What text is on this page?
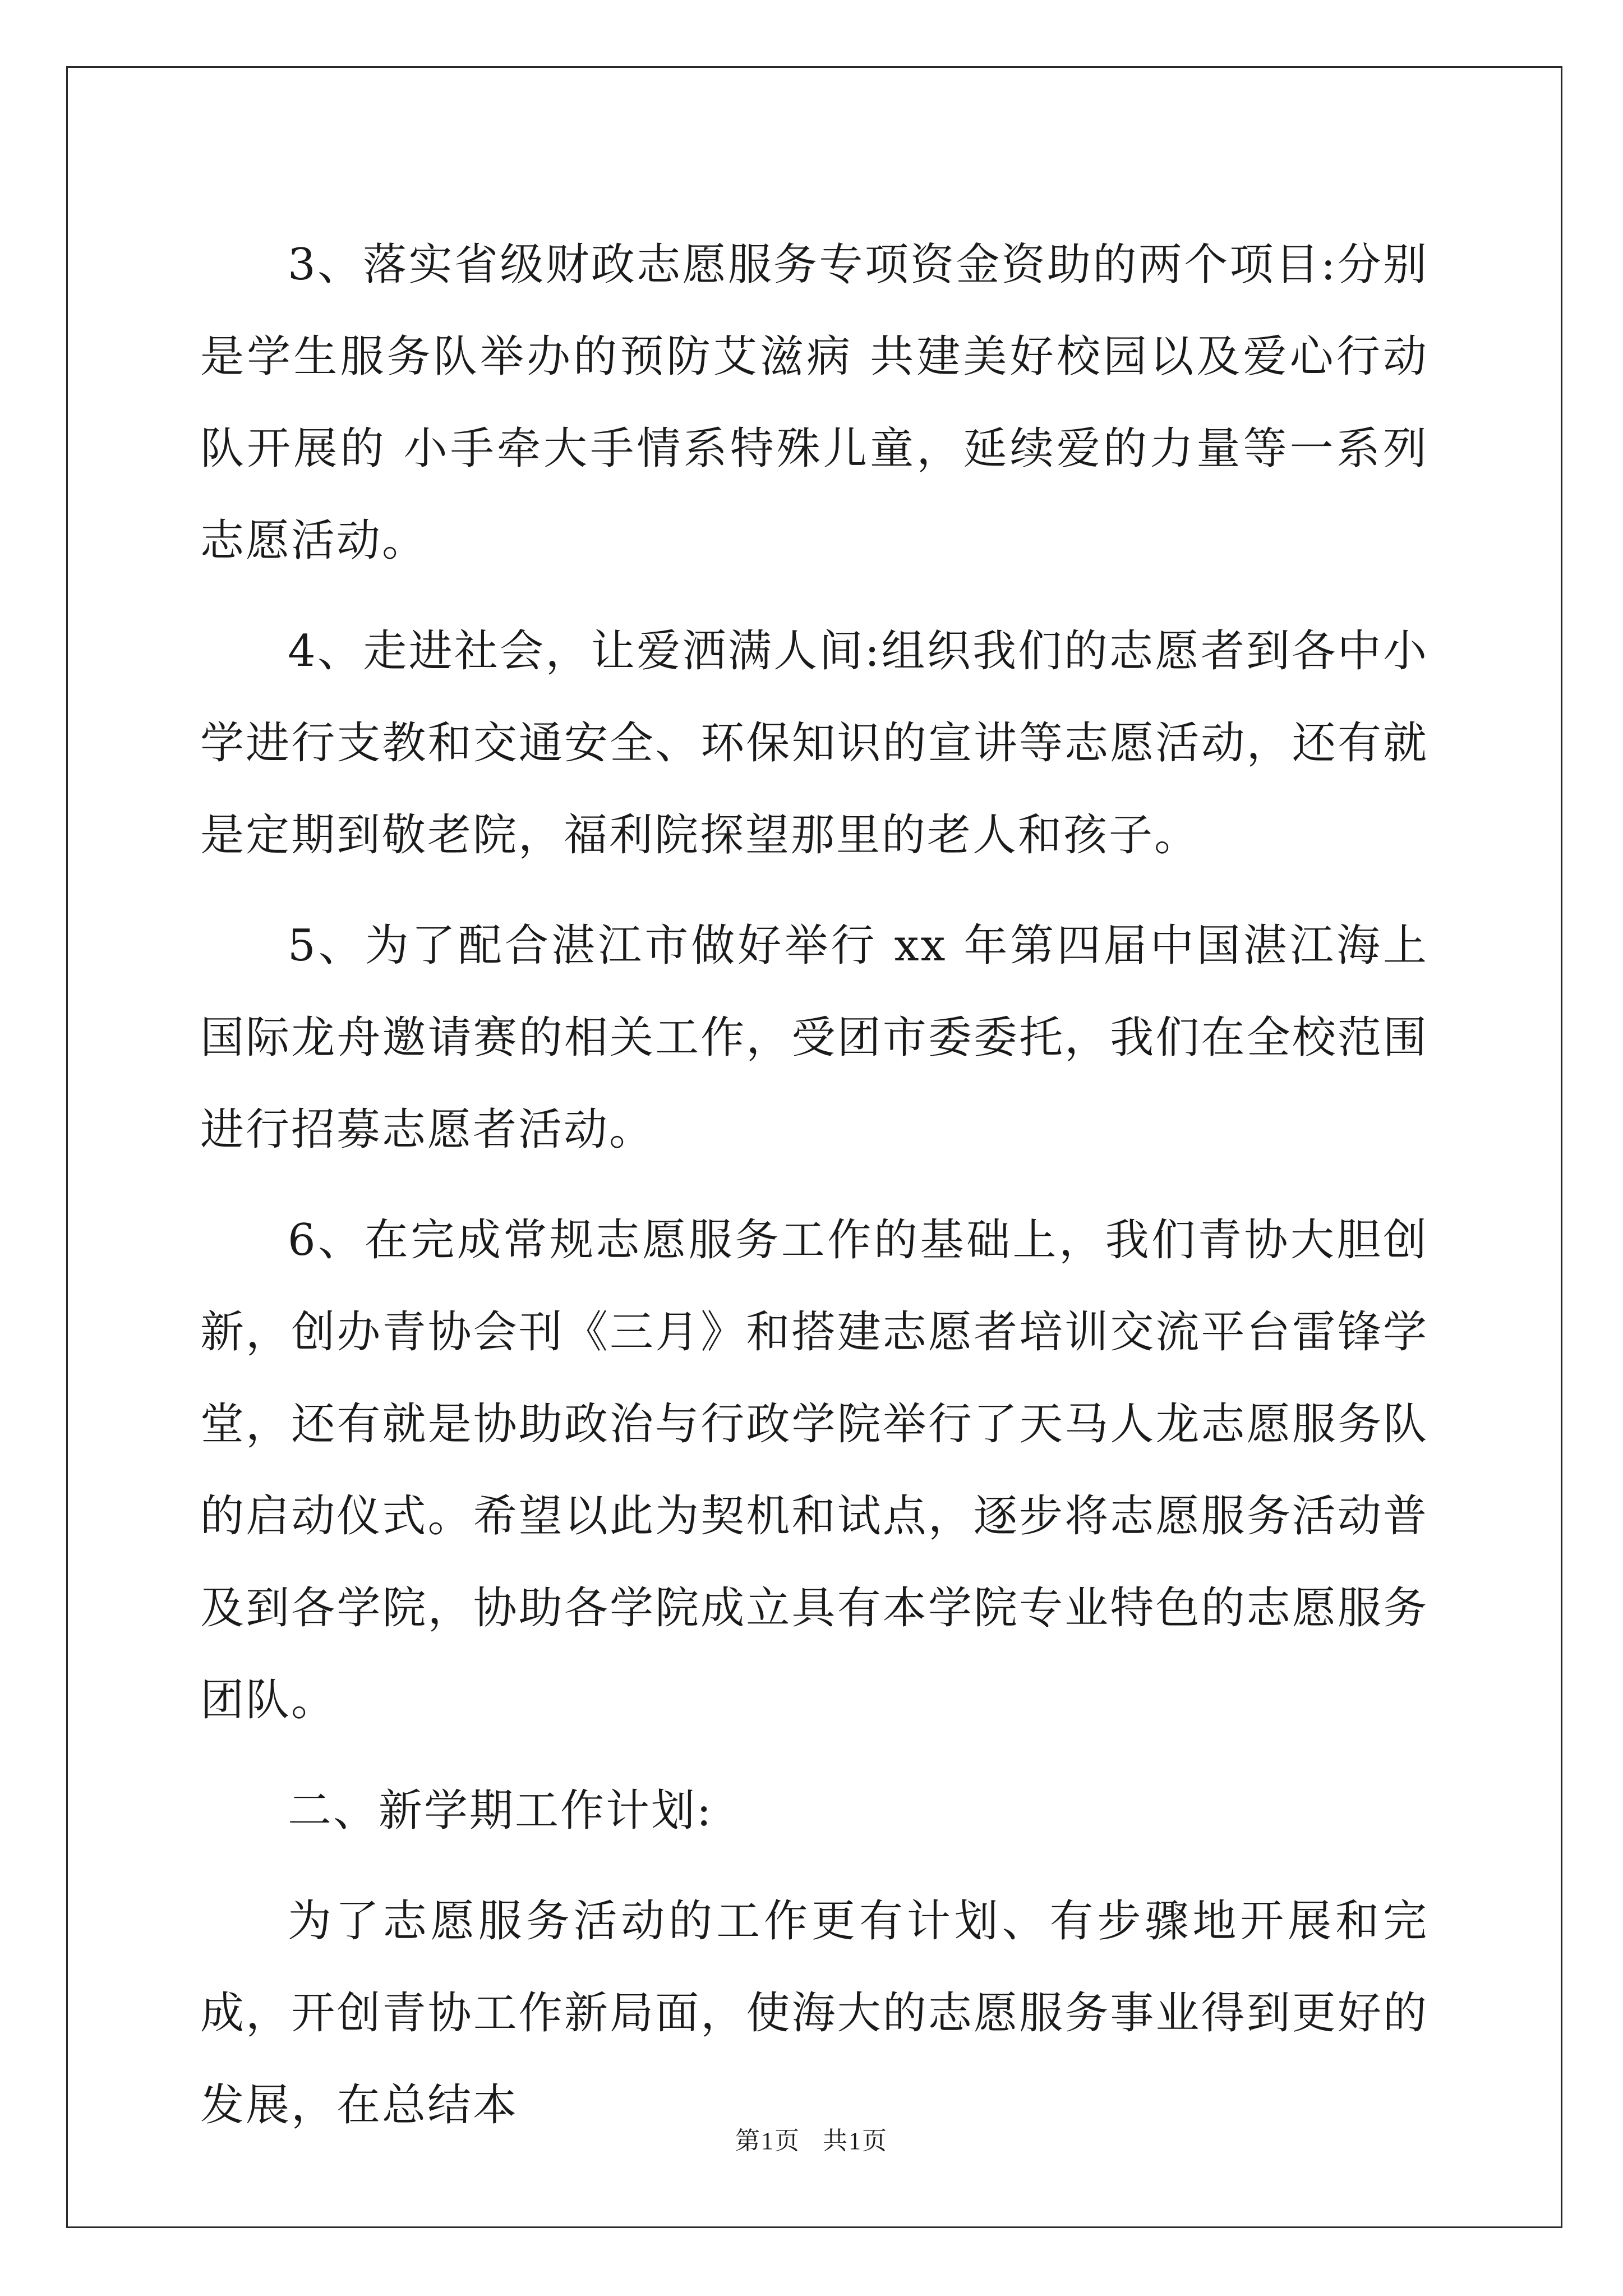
3、落实省级财政志愿服务专项资金资助的两个项目:分别是学生服务队举办的预防艾滋病 共建美好校园以及爱心行动队开展的 小手牵大手情系特殊儿童，延续爱的力量等一系列志愿活动。

4、走进社会，让爱洒满人间:组织我们的志愿者到各中小学进行支教和交通安全、环保知识的宣讲等志愿活动，还有就是定期到敬老院，福利院探望那里的老人和孩子。

5、为了配合湛江市做好举行 xx 年第四届中国湛江海上国际龙舟邀请赛的相关工作，受团市委委托，我们在全校范围进行招募志愿者活动。

6、在完成常规志愿服务工作的基础上，我们青协大胆创新，创办青协会刊《三月》和搭建志愿者培训交流平台雷锋学堂，还有就是协助政治与行政学院举行了天马人龙志愿服务队的启动仪式。希望以此为契机和试点，逐步将志愿服务活动普及到各学院，协助各学院成立具有本学院专业特色的志愿服务团队。

二、新学期工作计划:

为了志愿服务活动的工作更有计划、有步骤地开展和完成，开创青协工作新局面，使海大的志愿服务事业得到更好的发展，在总结本

第1页 共1页
